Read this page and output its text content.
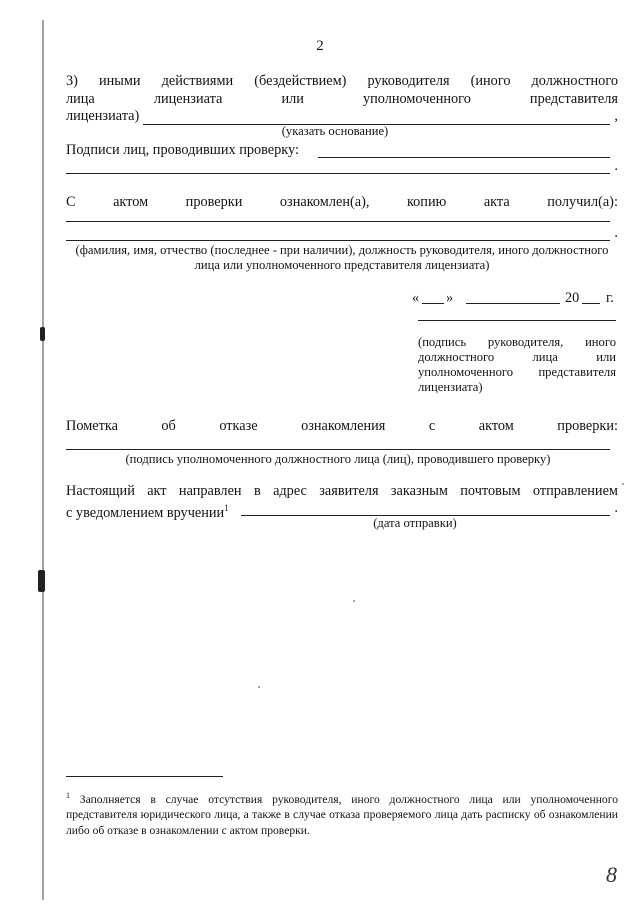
2
3) иными действиями (бездействием) руководителя (иного должностного
лица	лицензиата	или	уполномоченного	представителя
лицензиата)	,
(указать основание)
Подписи лиц, проводивших проверку:
.
С	актом	проверки	ознакомлен(а),	копию	акта	получил(а):
.
(фамилия, имя, отчество (последнее - при наличии), должность руководителя, иного должностного
лица или уполномоченного представителя лицензиата)
« »	20 г.
(подпись руководителя, иного
должностного	лица	или
уполномоченного представителя
лицензиата)
Пометка	об	отказе	ознакомления	с	актом	проверки:
(подпись уполномоченного должностного лица (лиц), проводившего проверку)
Настоящий акт направлен в адрес заявителя заказным почтовым отправлением
с уведомлением вручении$^1$	.
(дата отправки)
$^1$ Заполняется в случае отсутствия руководителя, иного должностного лица или уполномоченного представителя юридического лица, а также в случае отказа проверяемого лица дать расписку об ознакомлении либо об отказе в ознакомлении с актом проверки.
8
